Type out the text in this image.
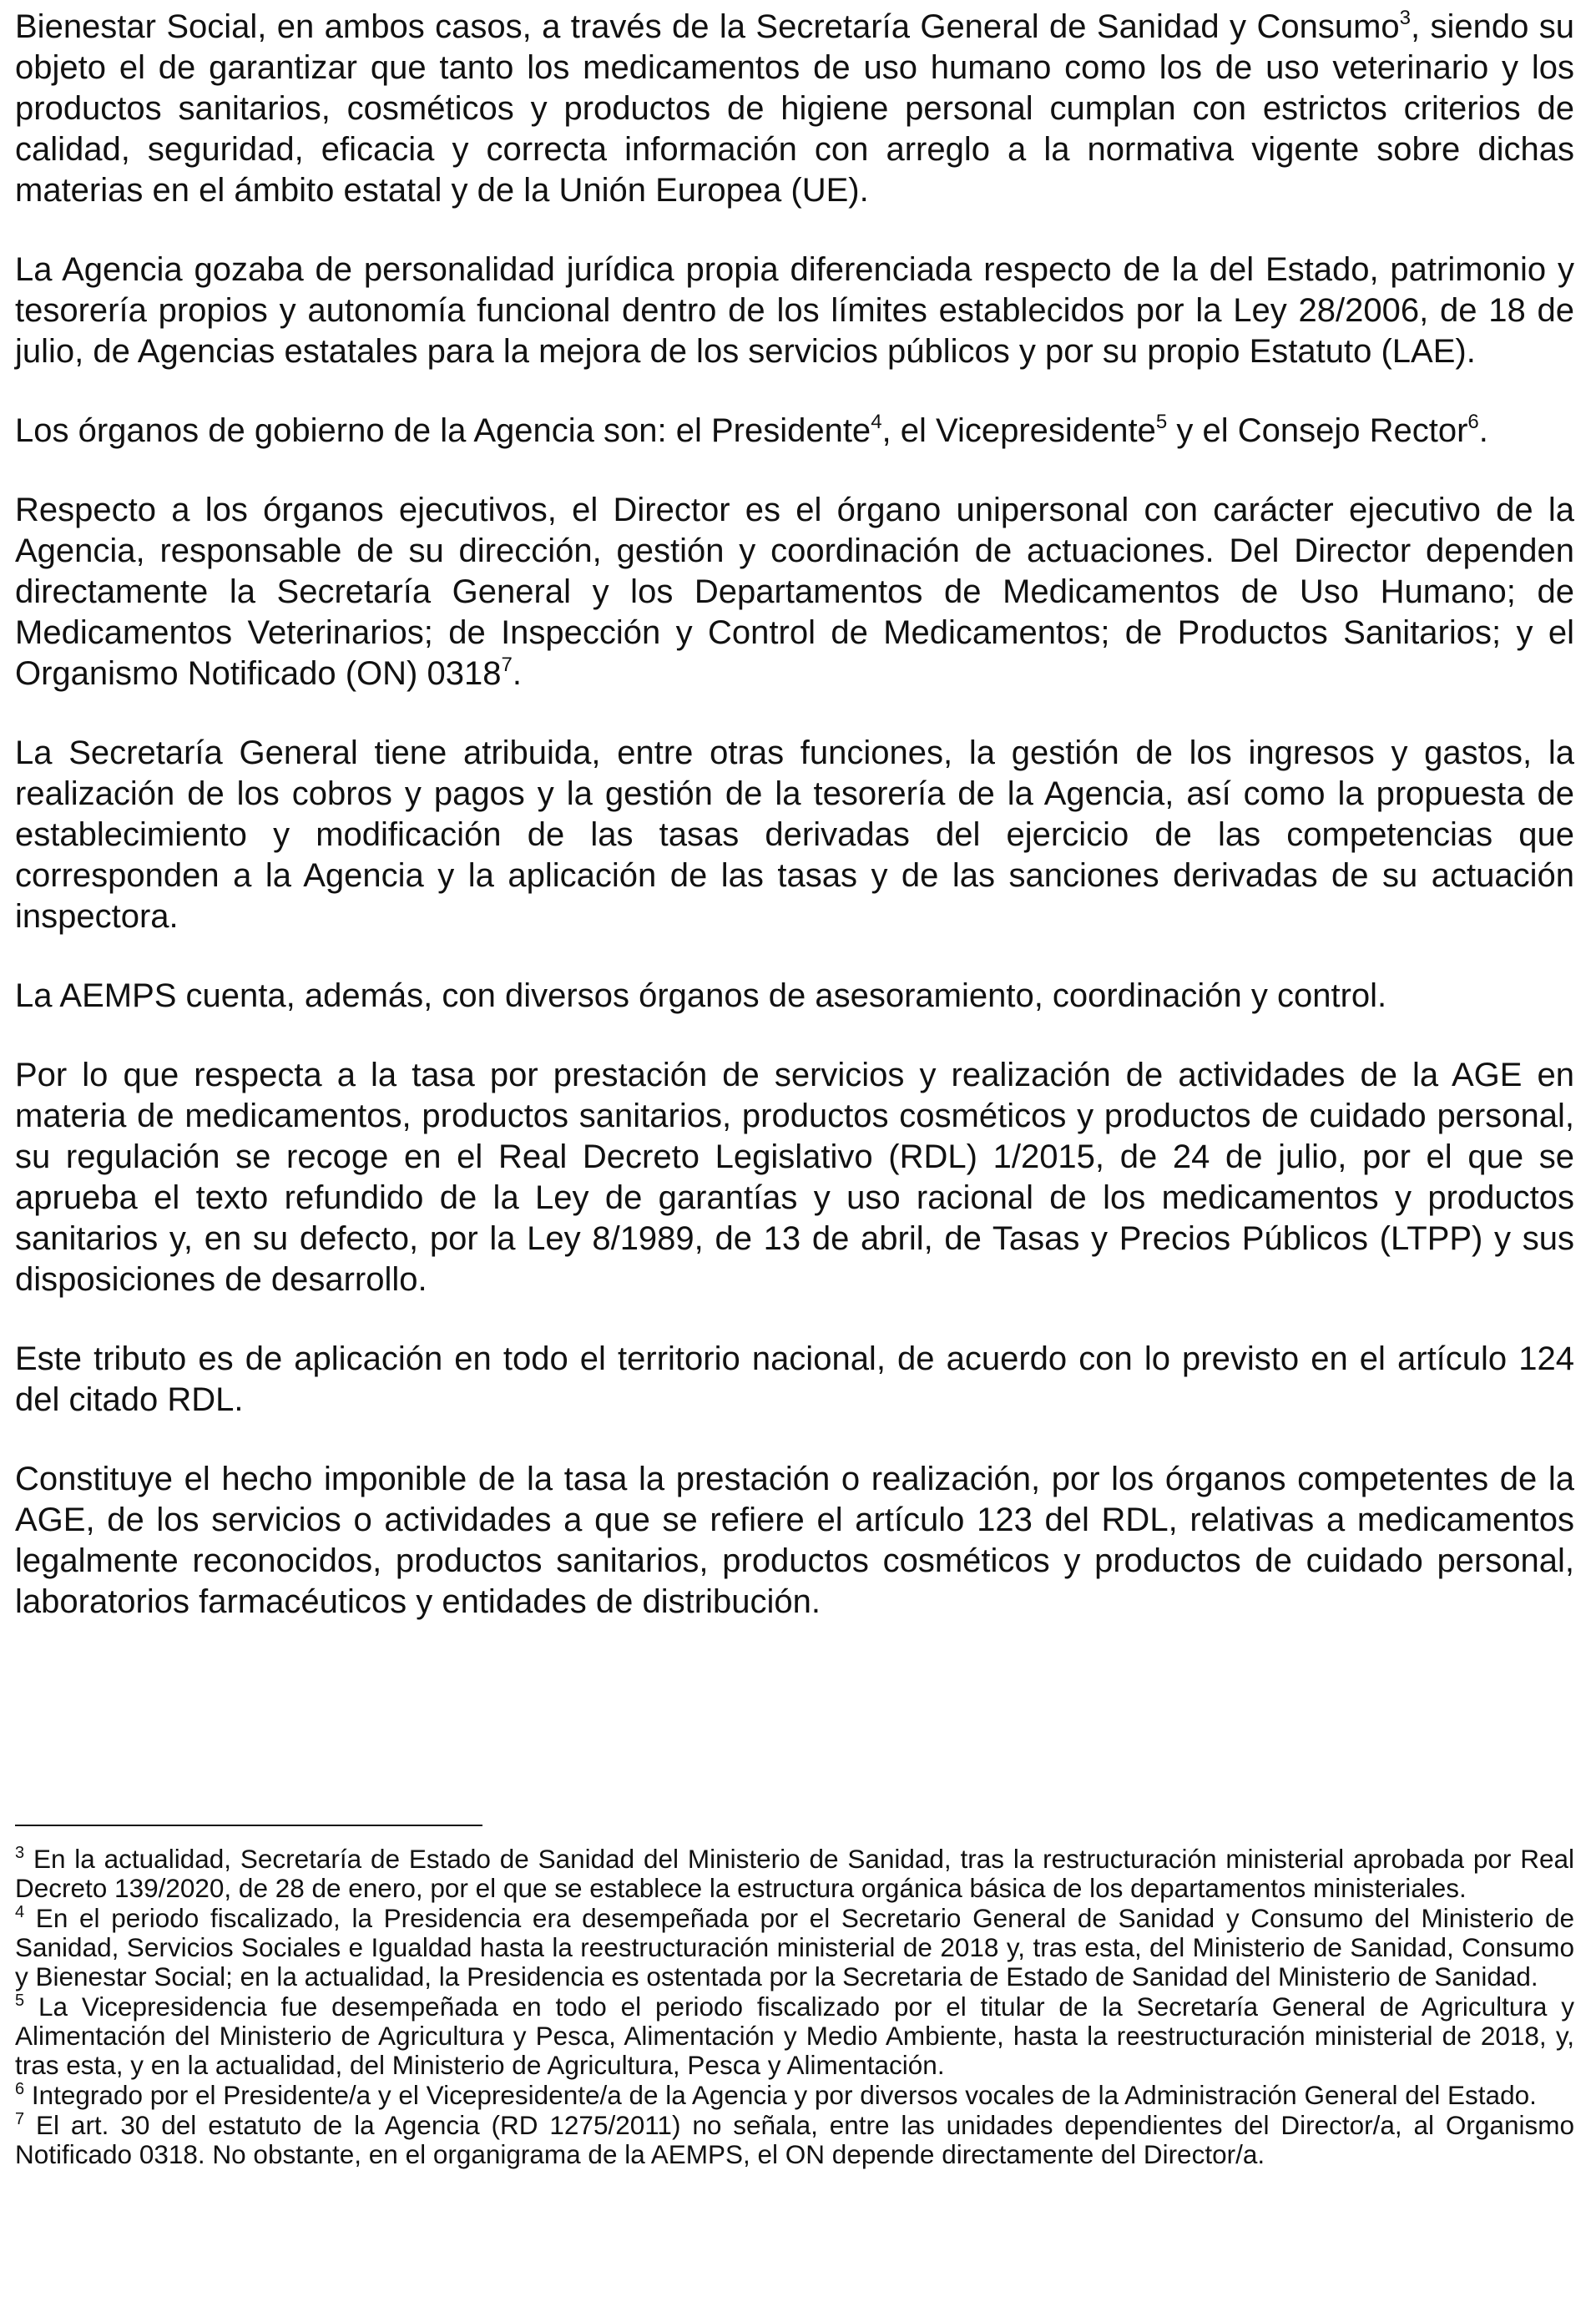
Bienestar Social, en ambos casos, a través de la Secretaría General de Sanidad y Consumo$^3$, siendo su objeto el de garantizar que tanto los medicamentos de uso humano como los de uso veterinario y los productos sanitarios, cosméticos y productos de higiene personal cumplan con estrictos criterios de calidad, seguridad, eficacia y correcta información con arreglo a la normativa vigente sobre dichas materias en el ámbito estatal y de la Unión Europea (UE).

La Agencia gozaba de personalidad jurídica propia diferenciada respecto de la del Estado, patrimonio y tesorería propios y autonomía funcional dentro de los límites establecidos por la Ley 28/2006, de 18 de julio, de Agencias estatales para la mejora de los servicios públicos y por su propio Estatuto (LAE).

Los órganos de gobierno de la Agencia son: el Presidente$^4$, el Vicepresidente$^5$ y el Consejo Rector$^6$.

Respecto a los órganos ejecutivos, el Director es el órgano unipersonal con carácter ejecutivo de la Agencia, responsable de su dirección, gestión y coordinación de actuaciones. Del Director dependen directamente la Secretaría General y los Departamentos de Medicamentos de Uso Humano; de Medicamentos Veterinarios; de Inspección y Control de Medicamentos; de Productos Sanitarios; y el Organismo Notificado (ON) 0318$^7$.

La Secretaría General tiene atribuida, entre otras funciones, la gestión de los ingresos y gastos, la realización de los cobros y pagos y la gestión de la tesorería de la Agencia, así como la propuesta de establecimiento y modificación de las tasas derivadas del ejercicio de las competencias que corresponden a la Agencia y la aplicación de las tasas y de las sanciones derivadas de su actuación inspectora.

La AEMPS cuenta, además, con diversos órganos de asesoramiento, coordinación y control.

Por lo que respecta a la tasa por prestación de servicios y realización de actividades de la AGE en materia de medicamentos, productos sanitarios, productos cosméticos y productos de cuidado personal, su regulación se recoge en el Real Decreto Legislativo (RDL) 1/2015, de 24 de julio, por el que se aprueba el texto refundido de la Ley de garantías y uso racional de los medicamentos y productos sanitarios y, en su defecto, por la Ley 8/1989, de 13 de abril, de Tasas y Precios Públicos (LTPP) y sus disposiciones de desarrollo.

Este tributo es de aplicación en todo el territorio nacional, de acuerdo con lo previsto en el artículo 124 del citado RDL.

Constituye el hecho imponible de la tasa la prestación o realización, por los órganos competentes de la AGE, de los servicios o actividades a que se refiere el artículo 123 del RDL, relativas a medicamentos legalmente reconocidos, productos sanitarios, productos cosméticos y productos de cuidado personal, laboratorios farmacéuticos y entidades de distribución.

$^3$ En la actualidad, Secretaría de Estado de Sanidad del Ministerio de Sanidad, tras la restructuración ministerial aprobada por Real Decreto 139/2020, de 28 de enero, por el que se establece la estructura orgánica básica de los departamentos ministeriales.
$^4$ En el periodo fiscalizado, la Presidencia era desempeñada por el Secretario General de Sanidad y Consumo del Ministerio de Sanidad, Servicios Sociales e Igualdad hasta la reestructuración ministerial de 2018 y, tras esta, del Ministerio de Sanidad, Consumo y Bienestar Social; en la actualidad, la Presidencia es ostentada por la Secretaria de Estado de Sanidad del Ministerio de Sanidad.
$^5$ La Vicepresidencia fue desempeñada en todo el periodo fiscalizado por el titular de la Secretaría General de Agricultura y Alimentación del Ministerio de Agricultura y Pesca, Alimentación y Medio Ambiente, hasta la reestructuración ministerial de 2018, y, tras esta, y en la actualidad, del Ministerio de Agricultura, Pesca y Alimentación.
$^6$ Integrado por el Presidente/a y el Vicepresidente/a de la Agencia y por diversos vocales de la Administración General del Estado.
$^7$ El art. 30 del estatuto de la Agencia (RD 1275/2011) no señala, entre las unidades dependientes del Director/a, al Organismo Notificado 0318. No obstante, en el organigrama de la AEMPS, el ON depende directamente del Director/a.
